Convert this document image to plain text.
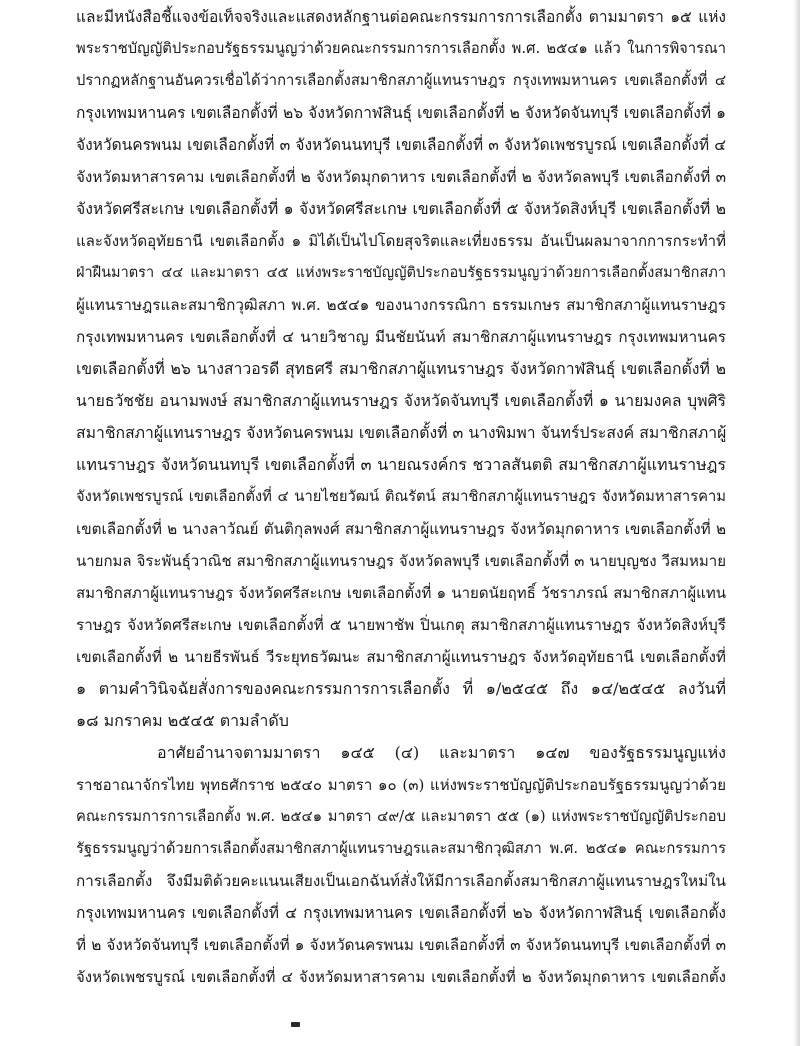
และมีหนังสือชี้แจงข้อเท็จจริงและแสดงหลักฐานต่อคณะกรรมการการเลือกตั้ง ตามมาตรา ๑๕ แห่ง
พระราชบัญญัติประกอบรัฐธรรมนูญว่าด้วยคณะกรรมการการเลือกตั้ง พ.ศ. ๒๕๔๑ แล้ว ในการพิจารณา
ปรากฏหลักฐานอันควรเชื่อได้ว่าการเลือกตั้งสมาชิกสภาผู้แทนราษฎร กรุงเทพมหานคร เขตเลือกตั้งที่ ๔
กรุงเทพมหานคร เขตเลือกตั้งที่ ๒๖ จังหวัดกาฬสินธุ์ เขตเลือกตั้งที่ ๒ จังหวัดจันทบุรี เขตเลือกตั้งที่ ๑
จังหวัดนครพนม เขตเลือกตั้งที่ ๓ จังหวัดนนทบุรี เขตเลือกตั้งที่ ๓ จังหวัดเพชรบูรณ์ เขตเลือกตั้งที่ ๔
จังหวัดมหาสารคาม เขตเลือกตั้งที่ ๒ จังหวัดมุกดาหาร เขตเลือกตั้งที่ ๒ จังหวัดลพบุรี เขตเลือกตั้งที่ ๓
จังหวัดศรีสะเกษ เขตเลือกตั้งที่ ๑ จังหวัดศรีสะเกษ เขตเลือกตั้งที่ ๕ จังหวัดสิงห์บุรี เขตเลือกตั้งที่ ๒
และจังหวัดอุทัยธานี เขตเลือกตั้ง ๑ มิได้เป็นไปโดยสุจริตและเที่ยงธรรม อันเป็นผลมาจากการกระทำที่
ฝ่าฝืนมาตรา ๔๔ และมาตรา ๔๕ แห่งพระราชบัญญัติประกอบรัฐธรรมนูญว่าด้วยการเลือกตั้งสมาชิกสภา
ผู้แทนราษฎรและสมาชิกวุฒิสภา พ.ศ. ๒๕๔๑ ของนางกรรณิกา ธรรมเกษร สมาชิกสภาผู้แทนราษฎร
กรุงเทพมหานคร เขตเลือกตั้งที่ ๔ นายวิชาญ มีนชัยนันท์ สมาชิกสภาผู้แทนราษฎร กรุงเทพมหานคร
เขตเลือกตั้งที่ ๒๖ นางสาวอรดี สุทธศรี สมาชิกสภาผู้แทนราษฎร จังหวัดกาฬสินธุ์ เขตเลือกตั้งที่ ๒
นายธวัชชัย อนามพงษ์ สมาชิกสภาผู้แทนราษฎร จังหวัดจันทบุรี เขตเลือกตั้งที่ ๑ นายมงคล บุพศิริ
สมาชิกสภาผู้แทนราษฎร จังหวัดนครพนม เขตเลือกตั้งที่ ๓ นางพิมพา จันทร์ประสงค์ สมาชิกสภาผู้
แทนราษฎร จังหวัดนนทบุรี เขตเลือกตั้งที่ ๓ นายณรงค์กร ชวาลสันตติ สมาชิกสภาผู้แทนราษฎร
จังหวัดเพชรบูรณ์ เขตเลือกตั้งที่ ๔ นายไชยวัฒน์ ติณรัตน์ สมาชิกสภาผู้แทนราษฎร จังหวัดมหาสารคาม
เขตเลือกตั้งที่ ๒ นางลาวัณย์ ตันติกุลพงศ์ สมาชิกสภาผู้แทนราษฎร จังหวัดมุกดาหาร เขตเลือกตั้งที่ ๒
นายกมล จิระพันธุ์วาณิช สมาชิกสภาผู้แทนราษฎร จังหวัดลพบุรี เขตเลือกตั้งที่ ๓ นายบุญชง วีสมหมาย
สมาชิกสภาผู้แทนราษฎร จังหวัดศรีสะเกษ เขตเลือกตั้งที่ ๑ นายดนัยฤทธิ์ วัชราภรณ์ สมาชิกสภาผู้แทน
ราษฎร จังหวัดศรีสะเกษ เขตเลือกตั้งที่ ๕ นายพาชัพ ปิ่นเกตุ สมาชิกสภาผู้แทนราษฎร จังหวัดสิงห์บุรี
เขตเลือกตั้งที่ ๒ นายธีรพันธ์ วีระยุทธวัฒนะ สมาชิกสภาผู้แทนราษฎร จังหวัดอุทัยธานี เขตเลือกตั้งที่
๑ ตามคำวินิจฉัยสั่งการของคณะกรรมการการเลือกตั้ง ที่ ๑/๒๕๔๕ ถึง ๑๔/๒๕๔๕ ลงวันที่
๑๘ มกราคม ๒๕๔๕ ตามลำดับ
อาศัยอำนาจตามมาตรา ๑๔๕ (๔) และมาตรา ๑๔๗ ของรัฐธรรมนูญแห่ง
ราชอาณาจักรไทย พุทธศักราช ๒๕๔๐ มาตรา ๑๐ (๓) แห่งพระราชบัญญัติประกอบรัฐธรรมนูญว่าด้วย
คณะกรรมการการเลือกตั้ง พ.ศ. ๒๕๔๑ มาตรา ๔๙/๕ และมาตรา ๕๕ (๑) แห่งพระราชบัญญัติประกอบ
รัฐธรรมนูญว่าด้วยการเลือกตั้งสมาชิกสภาผู้แทนราษฎรและสมาชิกวุฒิสภา พ.ศ. ๒๕๔๑ คณะกรรมการ
การเลือกตั้ง จึงมีมติด้วยคะแนนเสียงเป็นเอกฉันท์สั่งให้มีการเลือกตั้งสมาชิกสภาผู้แทนราษฎรใหม่ใน
กรุงเทพมหานคร เขตเลือกตั้งที่ ๔ กรุงเทพมหานคร เขตเลือกตั้งที่ ๒๖ จังหวัดกาฬสินธุ์ เขตเลือกตั้ง
ที่ ๒ จังหวัดจันทบุรี เขตเลือกตั้งที่ ๑ จังหวัดนครพนม เขตเลือกตั้งที่ ๓ จังหวัดนนทบุรี เขตเลือกตั้งที่ ๓
จังหวัดเพชรบูรณ์ เขตเลือกตั้งที่ ๔ จังหวัดมหาสารคาม เขตเลือกตั้งที่ ๒ จังหวัดมุกดาหาร เขตเลือกตั้ง
